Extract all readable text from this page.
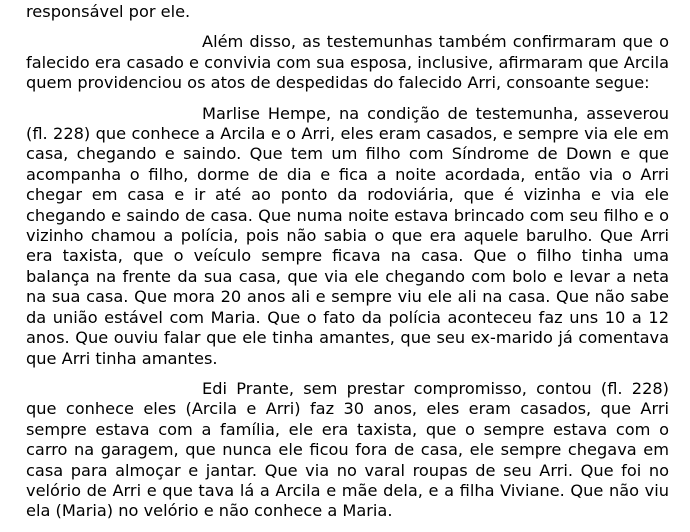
responsável por ele.

Além disso, as testemunhas também confirmaram que o falecido era casado e convivia com sua esposa, inclusive, afirmaram que Arcila quem providenciou os atos de despedidas do falecido Arri, consoante segue:

Marlise Hempe, na condição de testemunha, asseverou (fl. 228) que conhece a Arcila e o Arri, eles eram casados, e sempre via ele em casa, chegando e saindo. Que tem um filho com Síndrome de Down e que acompanha o filho, dorme de dia e fica a noite acordada, então via o Arri chegar em casa e ir até ao ponto da rodoviária, que é vizinha e via ele chegando e saindo de casa. Que numa noite estava brincado com seu filho e o vizinho chamou a polícia, pois não sabia o que era aquele barulho. Que Arri era taxista, que o veículo sempre ficava na casa. Que o filho tinha uma balança na frente da sua casa, que via ele chegando com bolo e levar a neta na sua casa. Que mora 20 anos ali e sempre viu ele ali na casa. Que não sabe da união estável com Maria. Que o fato da polícia aconteceu faz uns 10 a 12 anos. Que ouviu falar que ele tinha amantes, que seu ex-marido já comentava que Arri tinha amantes.

Edi Prante, sem prestar compromisso, contou (fl. 228) que conhece eles (Arcila e Arri) faz 30 anos, eles eram casados, que Arri sempre estava com a família, ele era taxista, que o sempre estava com o carro na garagem, que nunca ele ficou fora de casa, ele sempre chegava em casa para almoçar e jantar. Que via no varal roupas de seu Arri. Que foi no velório de Arri e que tava lá a Arcila e mãe dela, e a filha Viviane. Que não viu ela (Maria) no velório e não conhece a Maria.
